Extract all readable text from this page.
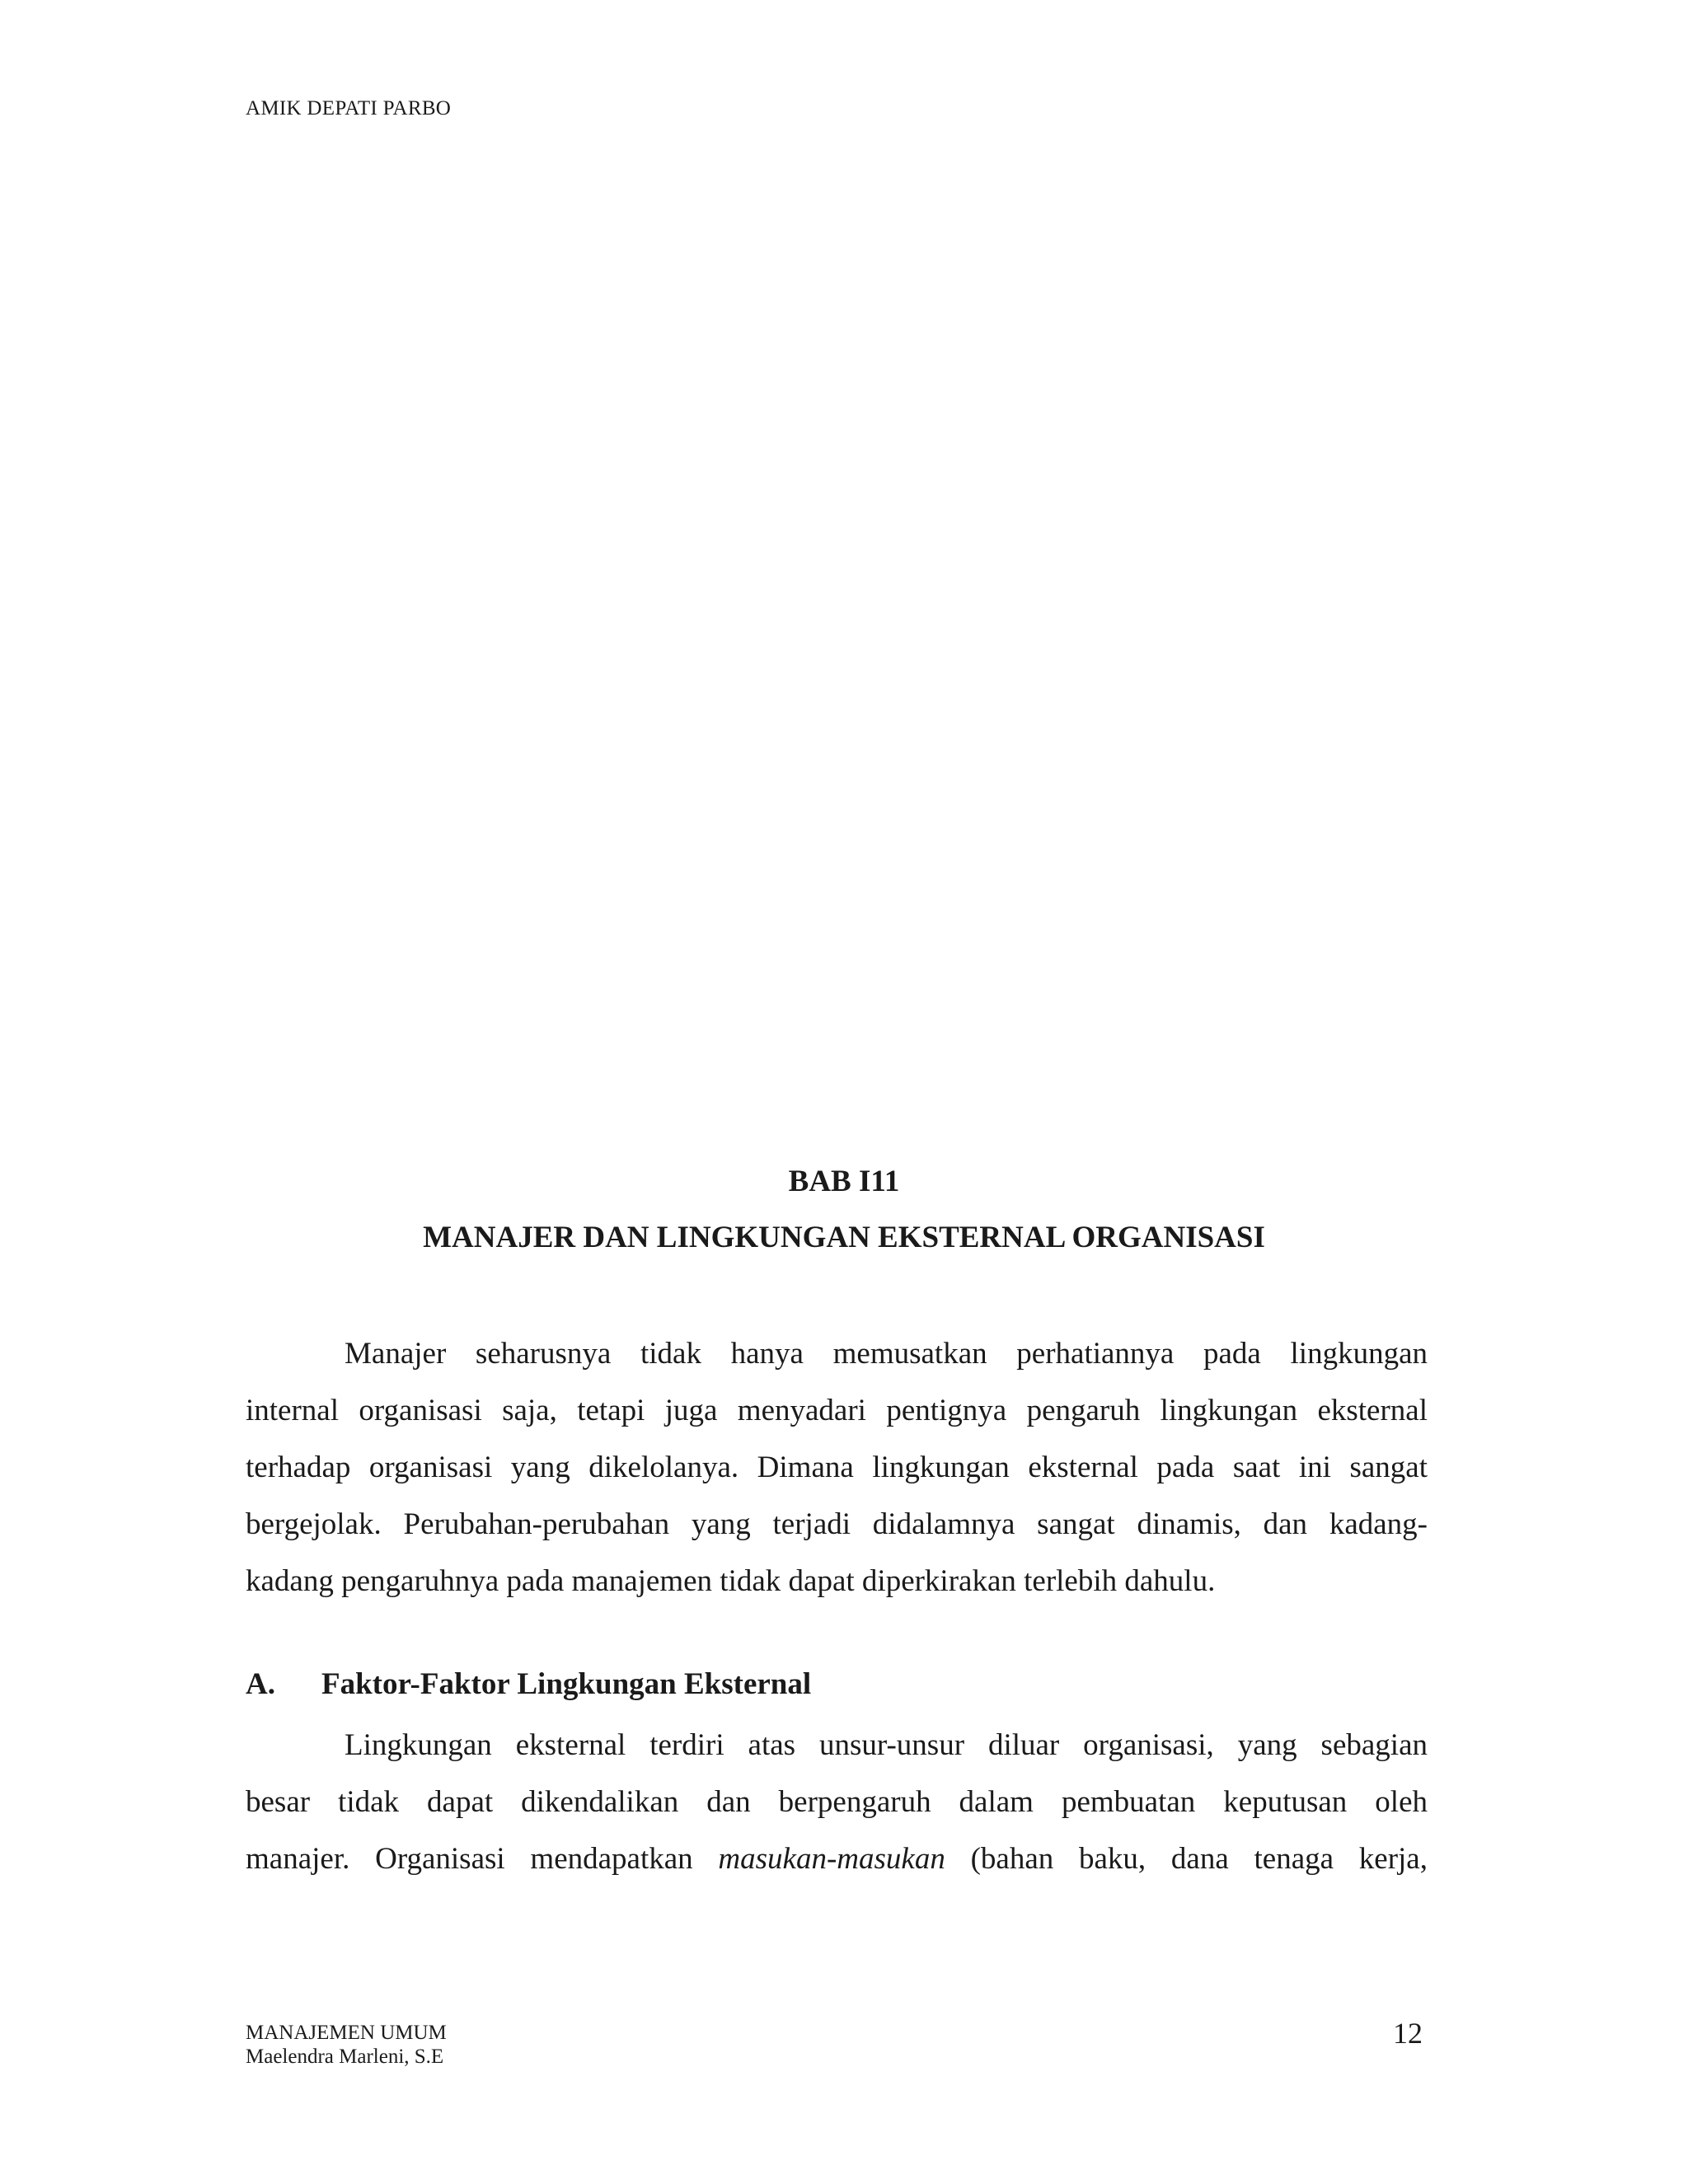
AMIK DEPATI PARBO
BAB I11
MANAJER DAN LINGKUNGAN EKSTERNAL ORGANISASI
Manajer seharusnya tidak hanya memusatkan perhatiannya pada lingkungan
internal organisasi saja, tetapi juga menyadari pentignya pengaruh lingkungan eksternal
terhadap organisasi yang dikelolanya. Dimana lingkungan eksternal pada saat ini sangat
bergejolak. Perubahan-perubahan yang terjadi didalamnya sangat dinamis, dan kadang-
kadang pengaruhnya pada manajemen tidak dapat diperkirakan terlebih dahulu.
A. Faktor-Faktor Lingkungan Eksternal
Lingkungan eksternal terdiri atas unsur-unsur diluar organisasi, yang sebagian
besar tidak dapat dikendalikan dan berpengaruh dalam pembuatan keputusan oleh
manajer. Organisasi mendapatkan masukan-masukan (bahan baku, dana tenaga kerja,
MANAJEMEN UMUM
Maelendra Marleni, S.E
12
